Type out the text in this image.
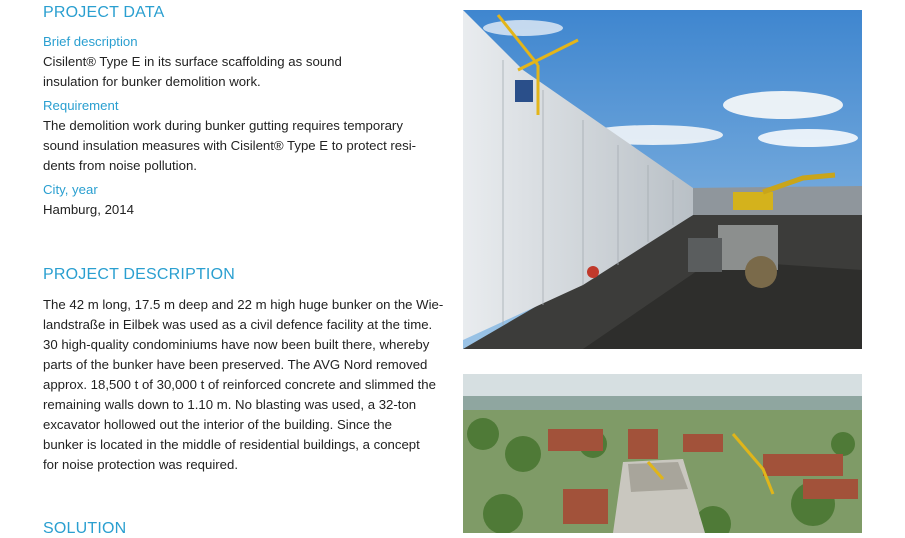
PROJECT DATA
Brief description
Cisilent® Type E in its surface scaffolding as sound
insulation for bunker demolition work.
Requirement
The demolition work during bunker gutting requires temporary
sound insulation measures with Cisilent® Type E to protect resi-
dents from noise pollution.
City, year
Hamburg, 2014
PROJECT DESCRIPTION
The 42 m long, 17.5 m deep and 22 m high huge bunker on the Wie-
landstraße in Eilbek was used as a civil defence facility at the time.
30 high-quality condominiums have now been built there, whereby
parts of the bunker have been preserved. The AVG Nord removed
approx. 18,500 t of 30,000 t of reinforced concrete and slimmed the
remaining walls down to 1.10 m. No blasting was used, a 32-ton
excavator hollowed out the interior of the building. Since the
bunker is located in the middle of residential buildings, a concept
for noise protection was required.
SOLUTION
